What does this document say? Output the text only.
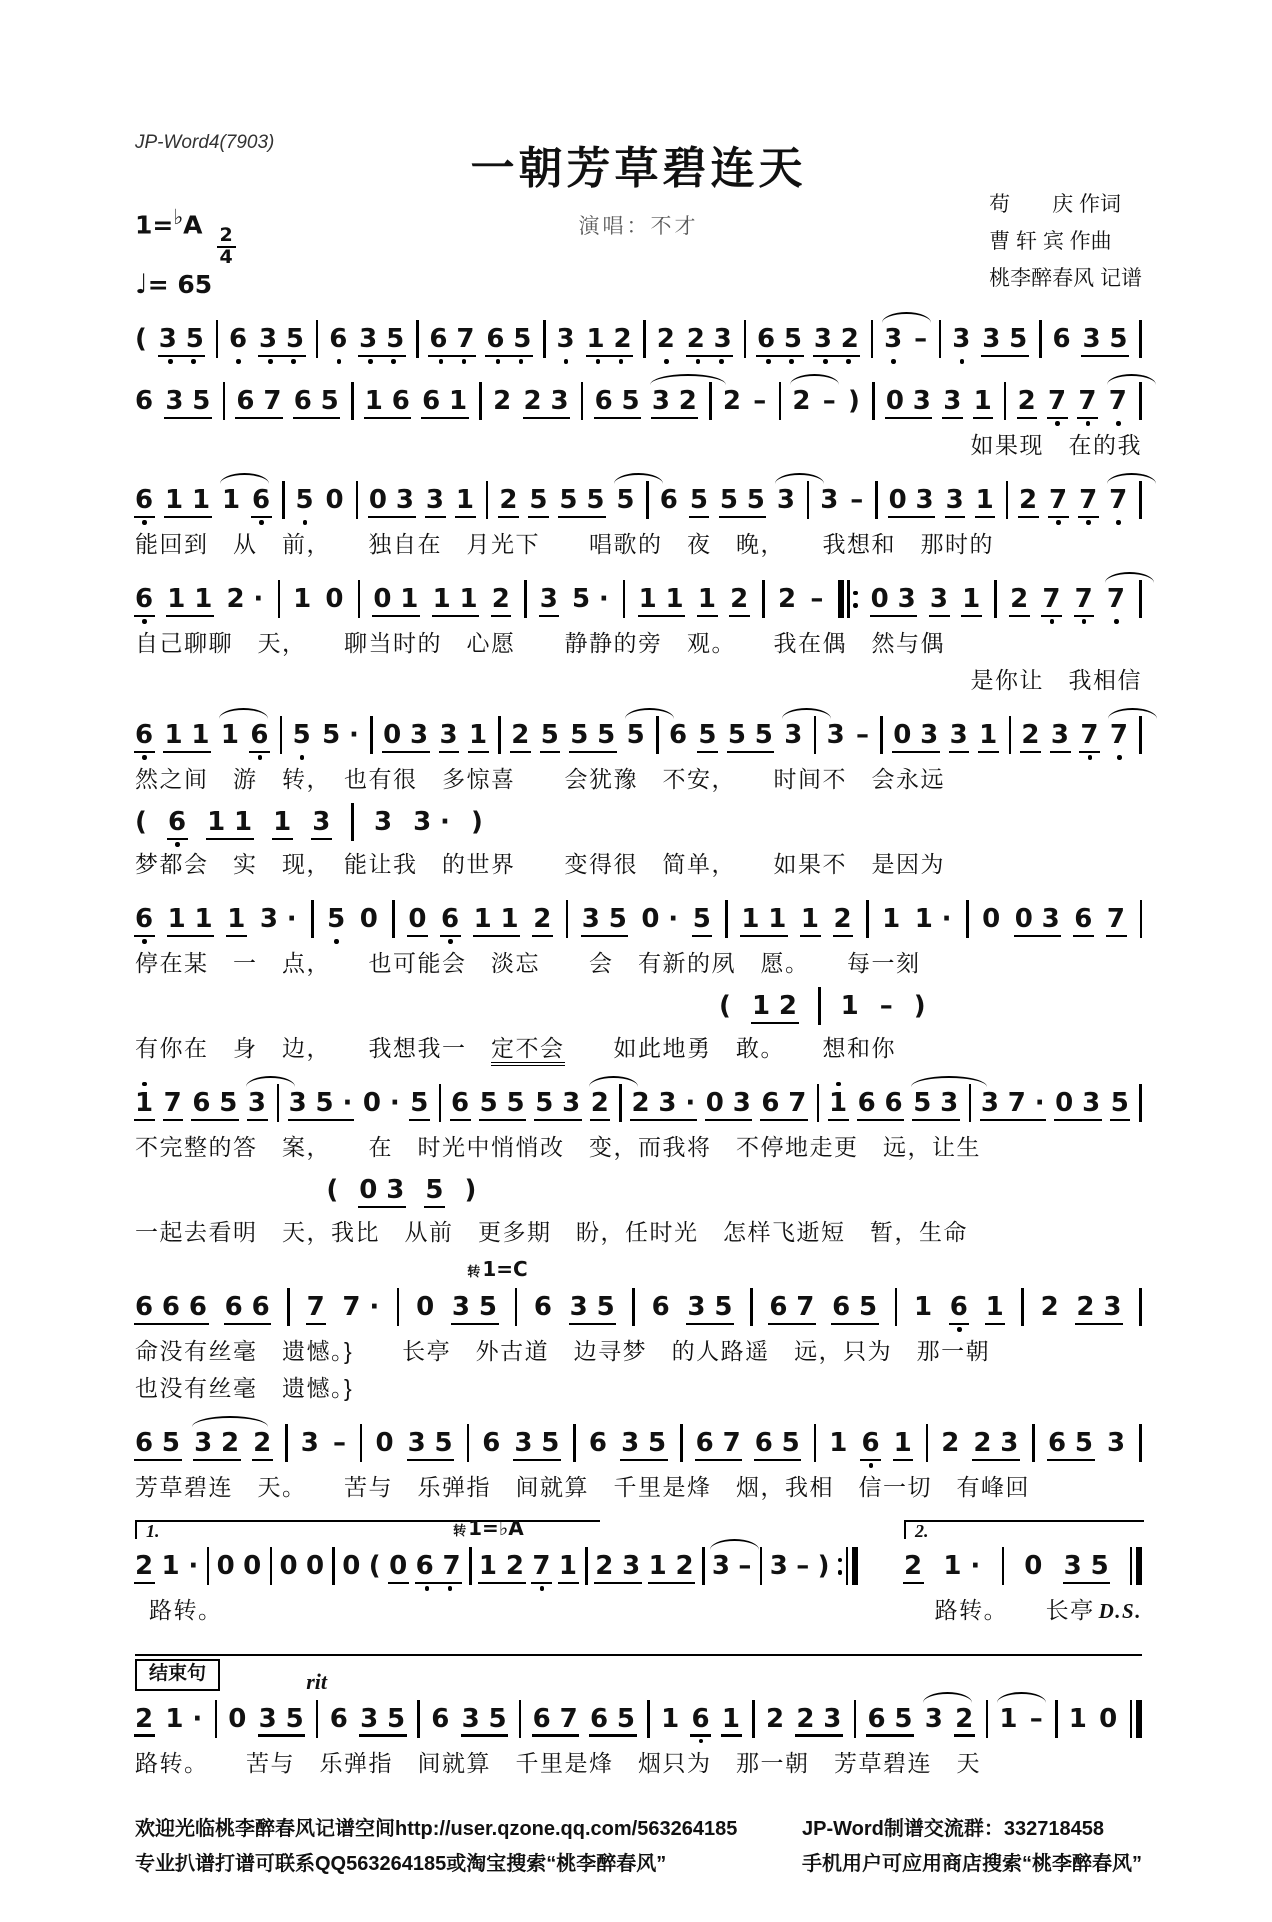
JP-Word4(7903)
一朝芳草碧连天
演唱：不才
苟　　庆 作词
曹 轩 宾 作曲
桃李醉春风 记谱
1=♭A
$\frac{2}{4}$
♩= 65
( 35 6 35 6 35 67 65 3 12 2 23 65 32 3 – 3 35 6 35
6 35 67 65 16 61 2 23 65 32 2 – 2 – ) 03 3 1 2 7 7 7
如果现　在的我
6 11 1 6 5 0 03 3 1 2 5 55 5 6 5 55 3 3 – 03 3 1 2 7 7 7
能回到　从　前，　　独自在　月光下　　唱歌的　夜　晚，　　我想和　那时的
6 11 2· 1 0 01 11 2 3 5· 11 1 2 2 – 03 3 1 2 7 7 7
自己聊聊　天，　　聊当时的　心愿　　静静的旁　观。　　我在偶　然与偶
是你让　我相信
6 11 1 6 5 5· 03 3 1 2 5 55 5 6 5 55 3 3 – 03 3 1 2 3 7 7
然之间　游　转，　也有很　多惊喜　　会犹豫　不安，　　时间不　会永远
( 6 11 1 3 3 3· )
梦都会　实　现，　能让我　的世界　　变得很　简单，　　如果不　是因为
6 11 1 3· 5 0 0 6 11 2 35 0· 5 11 1 2 1 1· 0 03 6 7
停在某　一　点，　　也可能会　淡忘　　会　有新的夙　愿。　　每一刻
( 12 1 – )
有你在　身　边，　　我想我一　定不会　　如此地勇　敢。　　想和你
1 7 65 3 35· 0· 5 6 55 53 2 23· 03 67 1 66 53 37· 03 5
不完整的答　案，　　在　时光中悄悄改　变，而我将　不停地走更　远，让生
( 03 5 )
一起去看明　天，我比　从前　更多期　盼，任时光　怎样飞逝短　暂，生命
666 66 7 7· 0 35 6 35 6 35 67 65 1 6 1 2 23
转 1=C
命没有丝毫　遗憾。}　　长亭　外古道　边寻梦　的人路遥　远，只为　那一朝
也没有丝毫　遗憾。}
65 32 2 3 – 0 35 6 35 6 35 67 65 1 6 1 2 23 65 3
芳草碧连　天。　　苦与　乐弹指　间就算　千里是烽　烟，我相　信一切　有峰回
1.
2 1· 0 0 0 0 0 ( 0 67 12 7 1 23 12 3 – 3 – )
转 1=♭A	2.
2 1· 0 35
路转。	路转。　　长亭 D.S.
结束句
2 1· 0 35 6 35 6 35 67 65 1 6 1 2 23 65 3 2 1 – 1 0
rit
路转。　　苦与　乐弹指　间就算　千里是烽　烟只为　那一朝　芳草碧连　天
欢迎光临桃李醉春风记谱空间http://user.qzone.qq.com/563264185
专业扒谱打谱可联系QQ563264185或淘宝搜索“桃李醉春风”
JP-Word制谱交流群：332718458
手机用户可应用商店搜索“桃李醉春风”
